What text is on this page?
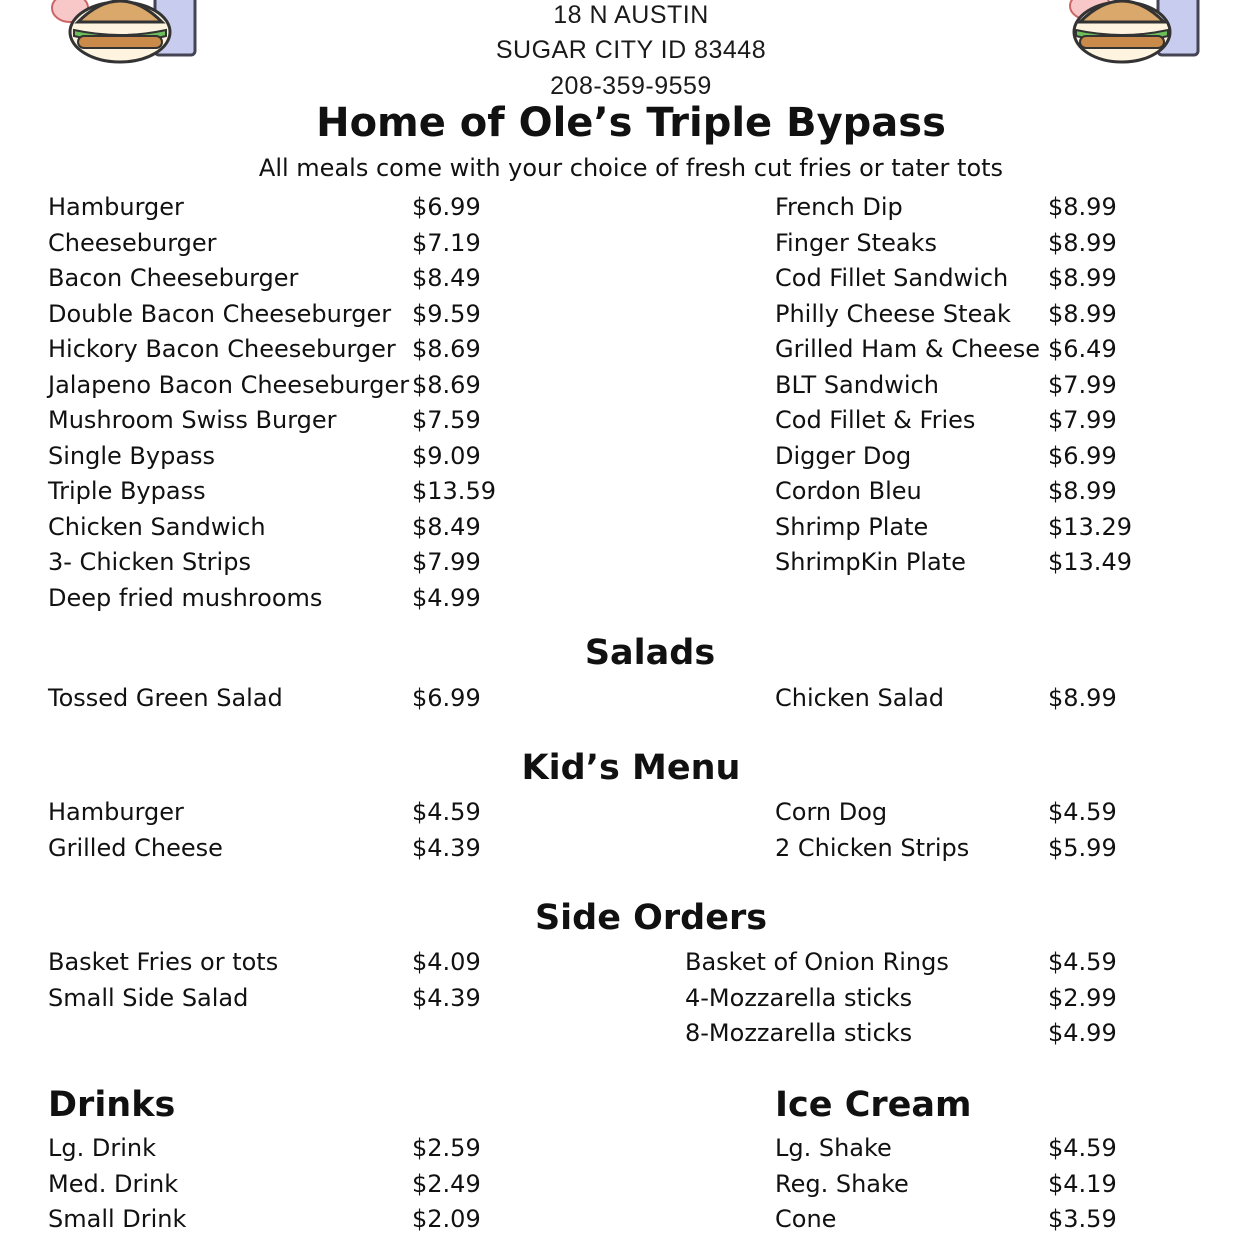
18 N AUSTIN
SUGAR CITY ID 83448
208-359-9559
Home of Ole’s Triple Bypass
All meals come with your choice of fresh cut fries or tater tots
Hamburger	$6.99
Cheeseburger	$7.19
Bacon Cheeseburger	$8.49
Double Bacon Cheeseburger $9.59
Hickory Bacon Cheeseburger $8.69
Jalapeno Bacon Cheeseburger $8.69
Mushroom Swiss Burger	$7.59
Single Bypass	$9.09
Triple Bypass	$13.59
Chicken Sandwich	$8.49
3- Chicken Strips	$7.99
Deep fried mushrooms	$4.99
French Dip	$8.99
Finger Steaks	$8.99
Cod Fillet Sandwich $8.99
Philly Cheese Steak $8.99
Grilled Ham & Cheese $6.49
BLT Sandwich	$7.99
Cod Fillet & Fries	$7.99
Digger Dog	$6.99
Cordon Bleu	$8.99
Shrimp Plate	$13.29
ShrimpKin Plate	$13.49
Salads
Tossed Green Salad	$6.99	Chicken Salad	$8.99
Kid’s Menu
Hamburger	$4.59
Grilled Cheese	$4.39
Corn Dog	$4.59
2 Chicken Strips	$5.99
Side Orders
Basket Fries or tots	$4.09
Small Side Salad	$4.39
Basket of Onion Rings	$4.59
4-Mozzarella sticks	$2.99
8-Mozzarella sticks	$4.99
Drinks	Ice Cream
Lg. Drink	$2.59
Med. Drink	$2.49
Small Drink	$2.09
Lg. Shake	$4.59
Reg. Shake	$4.19
Cone	$3.59
